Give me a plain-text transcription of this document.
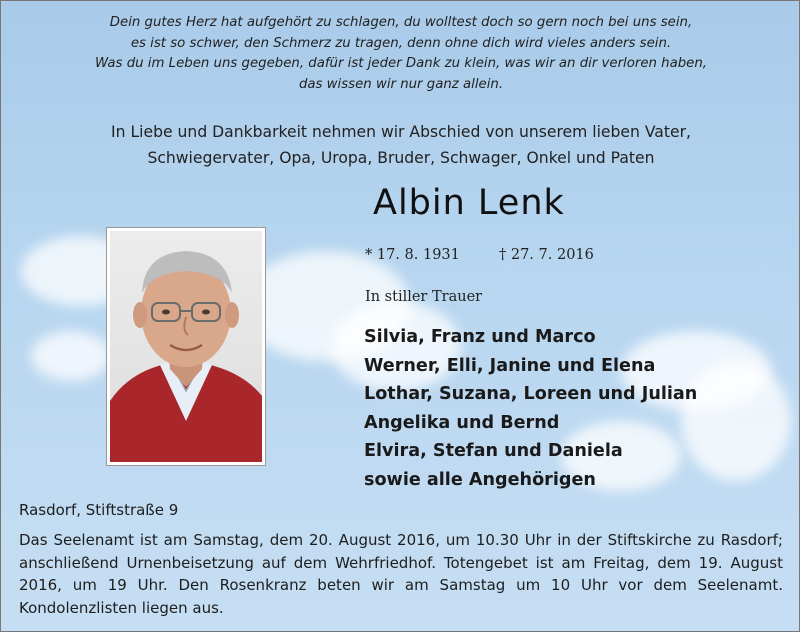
Dein gutes Herz hat aufgehört zu schlagen, du wolltest doch so gern noch bei uns sein,
es ist so schwer, den Schmerz zu tragen, denn ohne dich wird vieles anders sein.
Was du im Leben uns gegeben, dafür ist jeder Dank zu klein, was wir an dir verloren haben,
das wissen wir nur ganz allein.
In Liebe und Dankbarkeit nehmen wir Abschied von unserem lieben Vater,
Schwiegervater, Opa, Uropa, Bruder, Schwager, Onkel und Paten
Albin Lenk
* 17. 8. 1931	† 27. 7. 2016
In stiller Trauer
Silvia, Franz und Marco
Werner, Elli, Janine und Elena
Lothar, Suzana, Loreen und Julian
Angelika und Bernd
Elvira, Stefan und Daniela
sowie alle Angehörigen
Rasdorf, Stiftstraße 9
Das Seelenamt ist am Samstag, dem 20. August 2016, um 10.30 Uhr in der Stiftskirche zu Rasdorf; anschließend Urnenbeisetzung auf dem Wehrfriedhof. Totengebet ist am Freitag, dem 19. August 2016, um 19 Uhr. Den Rosenkranz beten wir am Samstag um 10 Uhr vor dem Seelenamt. Kondolenzlisten liegen aus.
